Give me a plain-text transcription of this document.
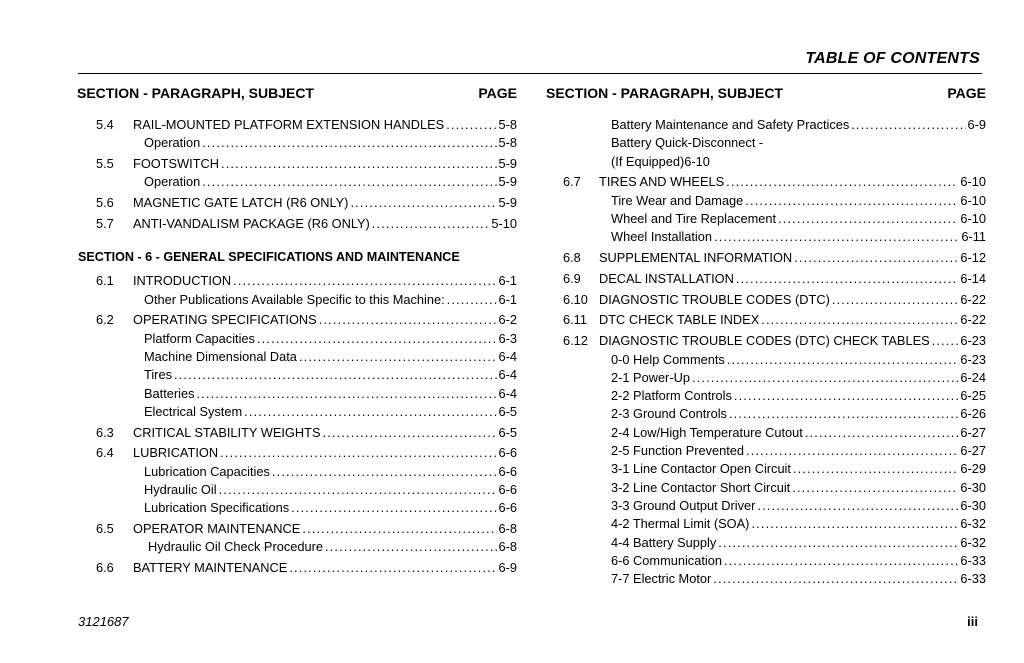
TABLE OF CONTENTS
SECTION - PARAGRAPH, SUBJECT	PAGE
5.4 RAIL-MOUNTED PLATFORM EXTENSION HANDLES . . .	5-8
Operation . . .	5-8
5.5 FOOTSWITCH . . .	5-9
Operation . . .	5-9
5.6 MAGNETIC GATE LATCH (R6 ONLY) . . .	5-9
5.7 ANTI-VANDALISM PACKAGE (R6 ONLY) . . .	5-10
SECTION - 6 - GENERAL SPECIFICATIONS AND MAINTENANCE
6.1 INTRODUCTION . . .	6-1
Other Publications Available Specific to this Machine: . . .	6-1
6.2 OPERATING SPECIFICATIONS . . .	6-2
Platform Capacities . . .	6-3
Machine Dimensional Data . . .	6-4
Tires . . .	6-4
Batteries . . .	6-4
Electrical System . . .	6-5
6.3 CRITICAL STABILITY WEIGHTS . . .	6-5
6.4 LUBRICATION . . .	6-6
Lubrication Capacities . . .	6-6
Hydraulic Oil . . .	6-6
Lubrication Specifications . . .	6-6
6.5 OPERATOR MAINTENANCE . . .	6-8
Hydraulic Oil Check Procedure . . .	6-8
6.6 BATTERY MAINTENANCE . . .	6-9
SECTION - PARAGRAPH, SUBJECT	PAGE
Battery Maintenance and Safety Practices . . .	6-9
Battery Quick-Disconnect -
(If Equipped)6-10
6.7 TIRES AND WHEELS . . .	6-10
Tire Wear and Damage . . .	6-10
Wheel and Tire Replacement . . .	6-10
Wheel Installation . . .	6-11
6.8 SUPPLEMENTAL INFORMATION . . .	6-12
6.9 DECAL INSTALLATION . . .	6-14
6.10 DIAGNOSTIC TROUBLE CODES (DTC) . . .	6-22
6.11 DTC CHECK TABLE INDEX . . .	6-22
6.12 DIAGNOSTIC TROUBLE CODES (DTC) CHECK TABLES . . . 6-23
0-0 Help Comments . . .	6-23
2-1 Power-Up . . .	6-24
2-2 Platform Controls . . .	6-25
2-3 Ground Controls . . .	6-26
2-4 Low/High Temperature Cutout . . .	6-27
2-5 Function Prevented . . .	6-27
3-1 Line Contactor Open Circuit . . .	6-29
3-2 Line Contactor Short Circuit . . .	6-30
3-3 Ground Output Driver . . .	6-30
4-2 Thermal Limit (SOA) . . .	6-32
4-4 Battery Supply . . .	6-32
6-6 Communication . . .	6-33
7-7 Electric Motor . . .	6-33
3121687	iii
